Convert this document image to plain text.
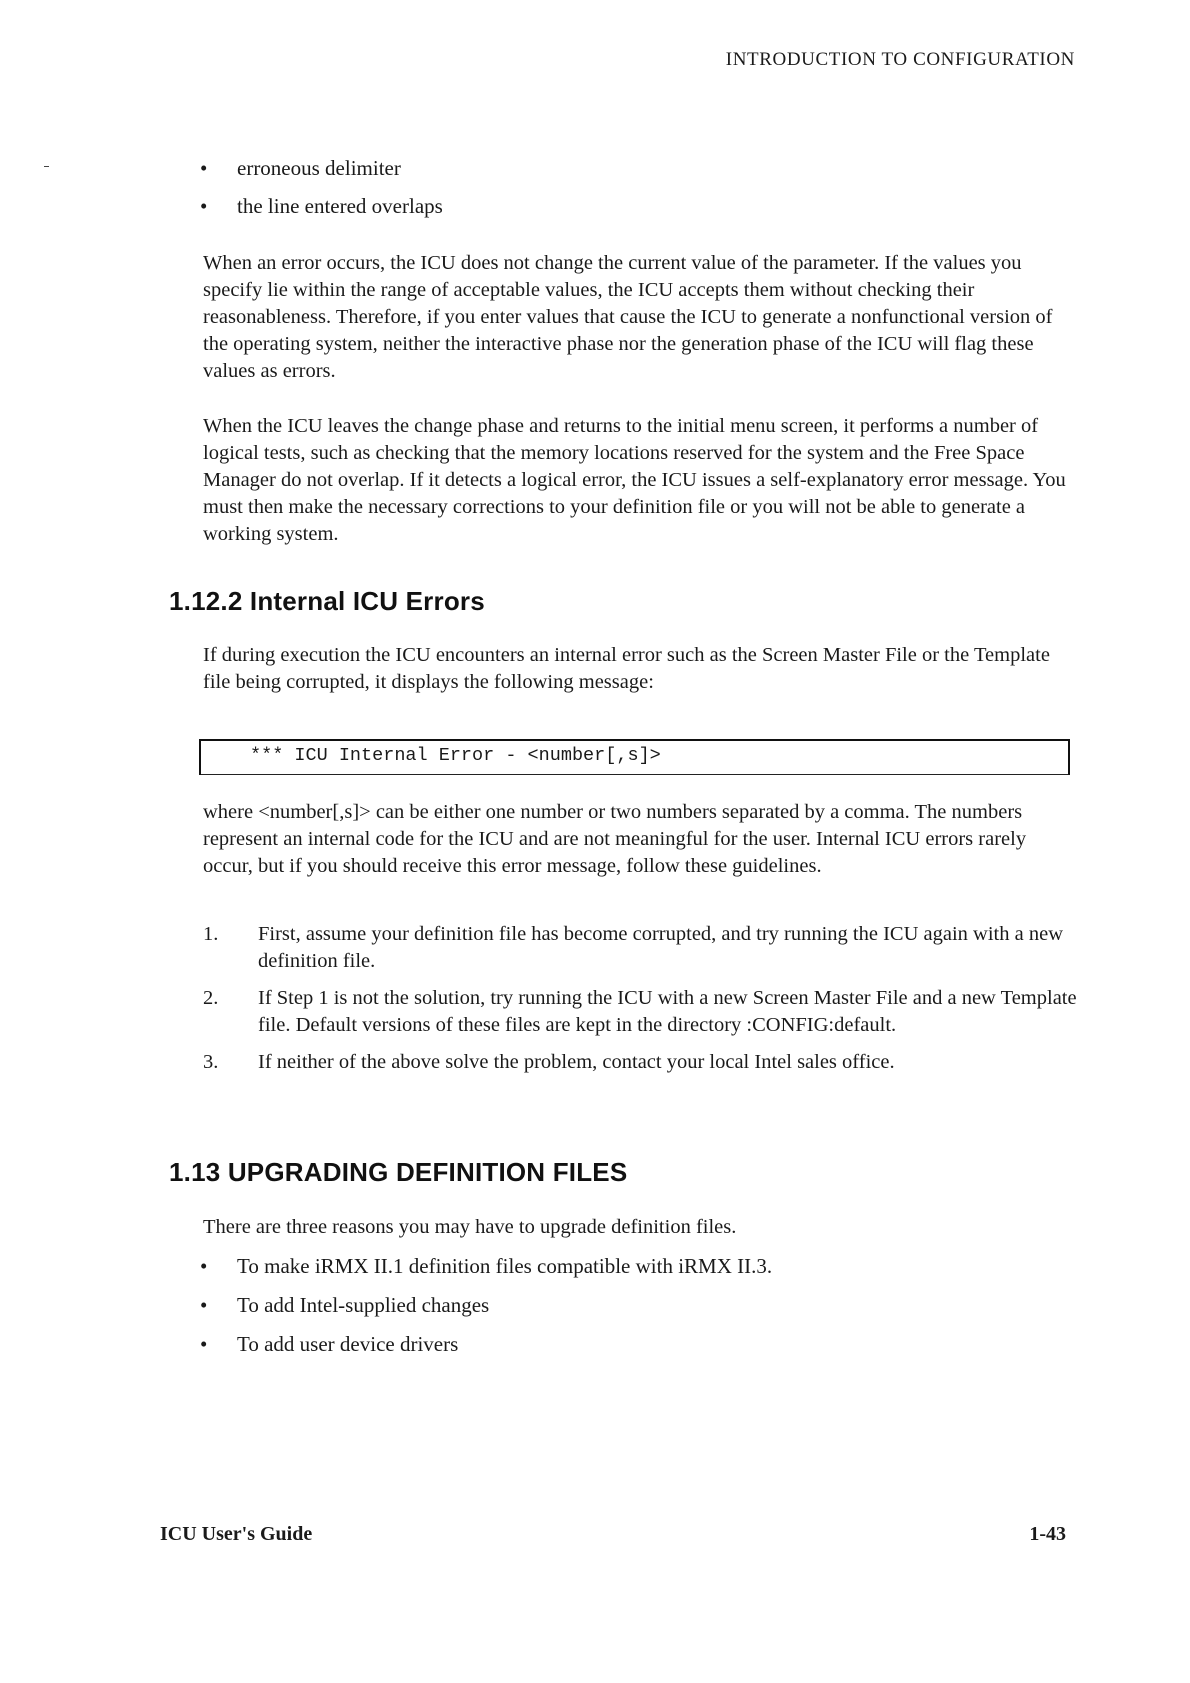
INTRODUCTION TO CONFIGURATION
• erroneous delimiter
• the line entered overlaps

When an error occurs, the ICU does not change the current value of the parameter. If the values you specify lie within the range of acceptable values, the ICU accepts them without checking their reasonableness. Therefore, if you enter values that cause the ICU to generate a nonfunctional version of the operating system, neither the interactive phase nor the generation phase of the ICU will flag these values as errors.

When the ICU leaves the change phase and returns to the initial menu screen, it performs a number of logical tests, such as checking that the memory locations reserved for the system and the Free Space Manager do not overlap. If it detects a logical error, the ICU issues a self-explanatory error message. You must then make the necessary corrections to your definition file or you will not be able to generate a working system.

1.12.2 Internal ICU Errors

If during execution the ICU encounters an internal error such as the Screen Master File or the Template file being corrupted, it displays the following message:

*** ICU Internal Error - <number[,s]>

where <number[,s]> can be either one number or two numbers separated by a comma. The numbers represent an internal code for the ICU and are not meaningful for the user. Internal ICU errors rarely occur, but if you should receive this error message, follow these guidelines.

1. First, assume your definition file has become corrupted, and try running the ICU again with a new definition file.
2. If Step 1 is not the solution, try running the ICU with a new Screen Master File and a new Template file. Default versions of these files are kept in the directory :CONFIG:default.
3. If neither of the above solve the problem, contact your local Intel sales office.
1.13 UPGRADING DEFINITION FILES

There are three reasons you may have to upgrade definition files.

• To make iRMX II.1 definition files compatible with iRMX II.3.
• To add Intel-supplied changes
• To add user device drivers
ICU User's Guide	1-43
